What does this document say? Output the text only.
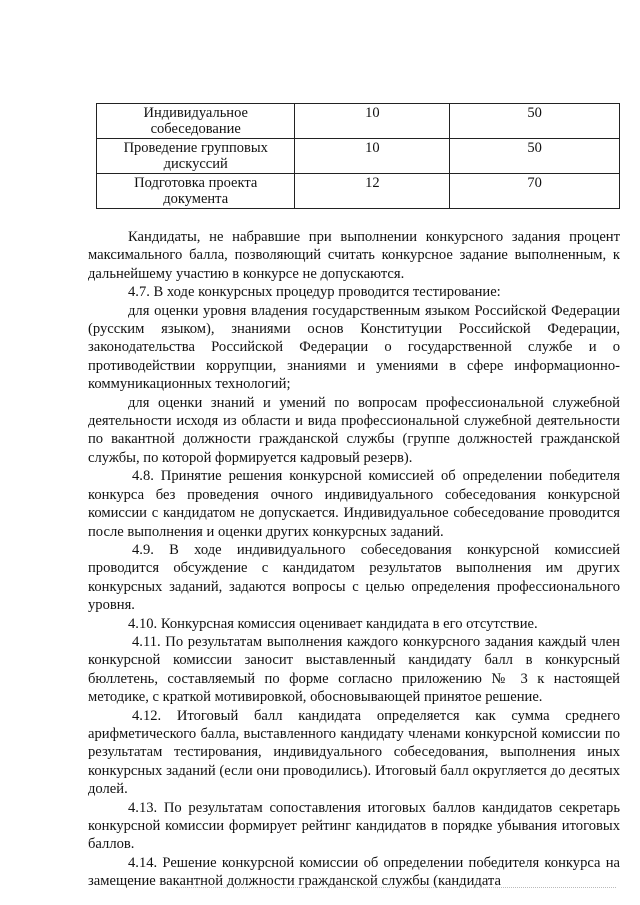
Индивидуальное собеседование	10	50
Проведение групповых дискуссий	10	50
Подготовка проекта документа	12	70

Кандидаты, не набравшие при выполнении конкурсного задания процент максимального балла, позволяющий считать конкурсное задание выполненным, к дальнейшему участию в конкурсе не допускаются.

4.7. В ходе конкурсных процедур проводится тестирование:

для оценки уровня владения государственным языком Российской Федерации (русским языком), знаниями основ Конституции Российской Федерации, законодательства Российской Федерации о государственной службе и о противодействии коррупции, знаниями и умениями в сфере информационно-коммуникационных технологий;

для оценки знаний и умений по вопросам профессиональной служебной деятельности исходя из области и вида профессиональной служебной деятельности по вакантной должности гражданской службы (группе должностей гражданской службы, по которой формируется кадровый резерв).

4.8. Принятие решения конкурсной комиссией об определении победителя конкурса без проведения очного индивидуального собеседования конкурсной комиссии с кандидатом не допускается. Индивидуальное собеседование проводится после выполнения и оценки других конкурсных заданий.

4.9. В ходе индивидуального собеседования конкурсной комиссией проводится обсуждение с кандидатом результатов выполнения им других конкурсных заданий, задаются вопросы с целью определения профессионального уровня.

4.10. Конкурсная комиссия оценивает кандидата в его отсутствие.

4.11. По результатам выполнения каждого конкурсного задания каждый член конкурсной комиссии заносит выставленный кандидату балл в конкурсный бюллетень, составляемый по форме согласно приложению № 3 к настоящей методике, с краткой мотивировкой, обосновывающей принятое решение.

4.12. Итоговый балл кандидата определяется как сумма среднего арифметического балла, выставленного кандидату членами конкурсной комиссии по результатам тестирования, индивидуального собеседования, выполнения иных конкурсных заданий (если они проводились). Итоговый балл округляется до десятых долей.

4.13. По результатам сопоставления итоговых баллов кандидатов секретарь конкурсной комиссии формирует рейтинг кандидатов в порядке убывания итоговых баллов.

4.14. Решение конкурсной комиссии об определении победителя конкурса на замещение вакантной должности гражданской службы (кандидата
